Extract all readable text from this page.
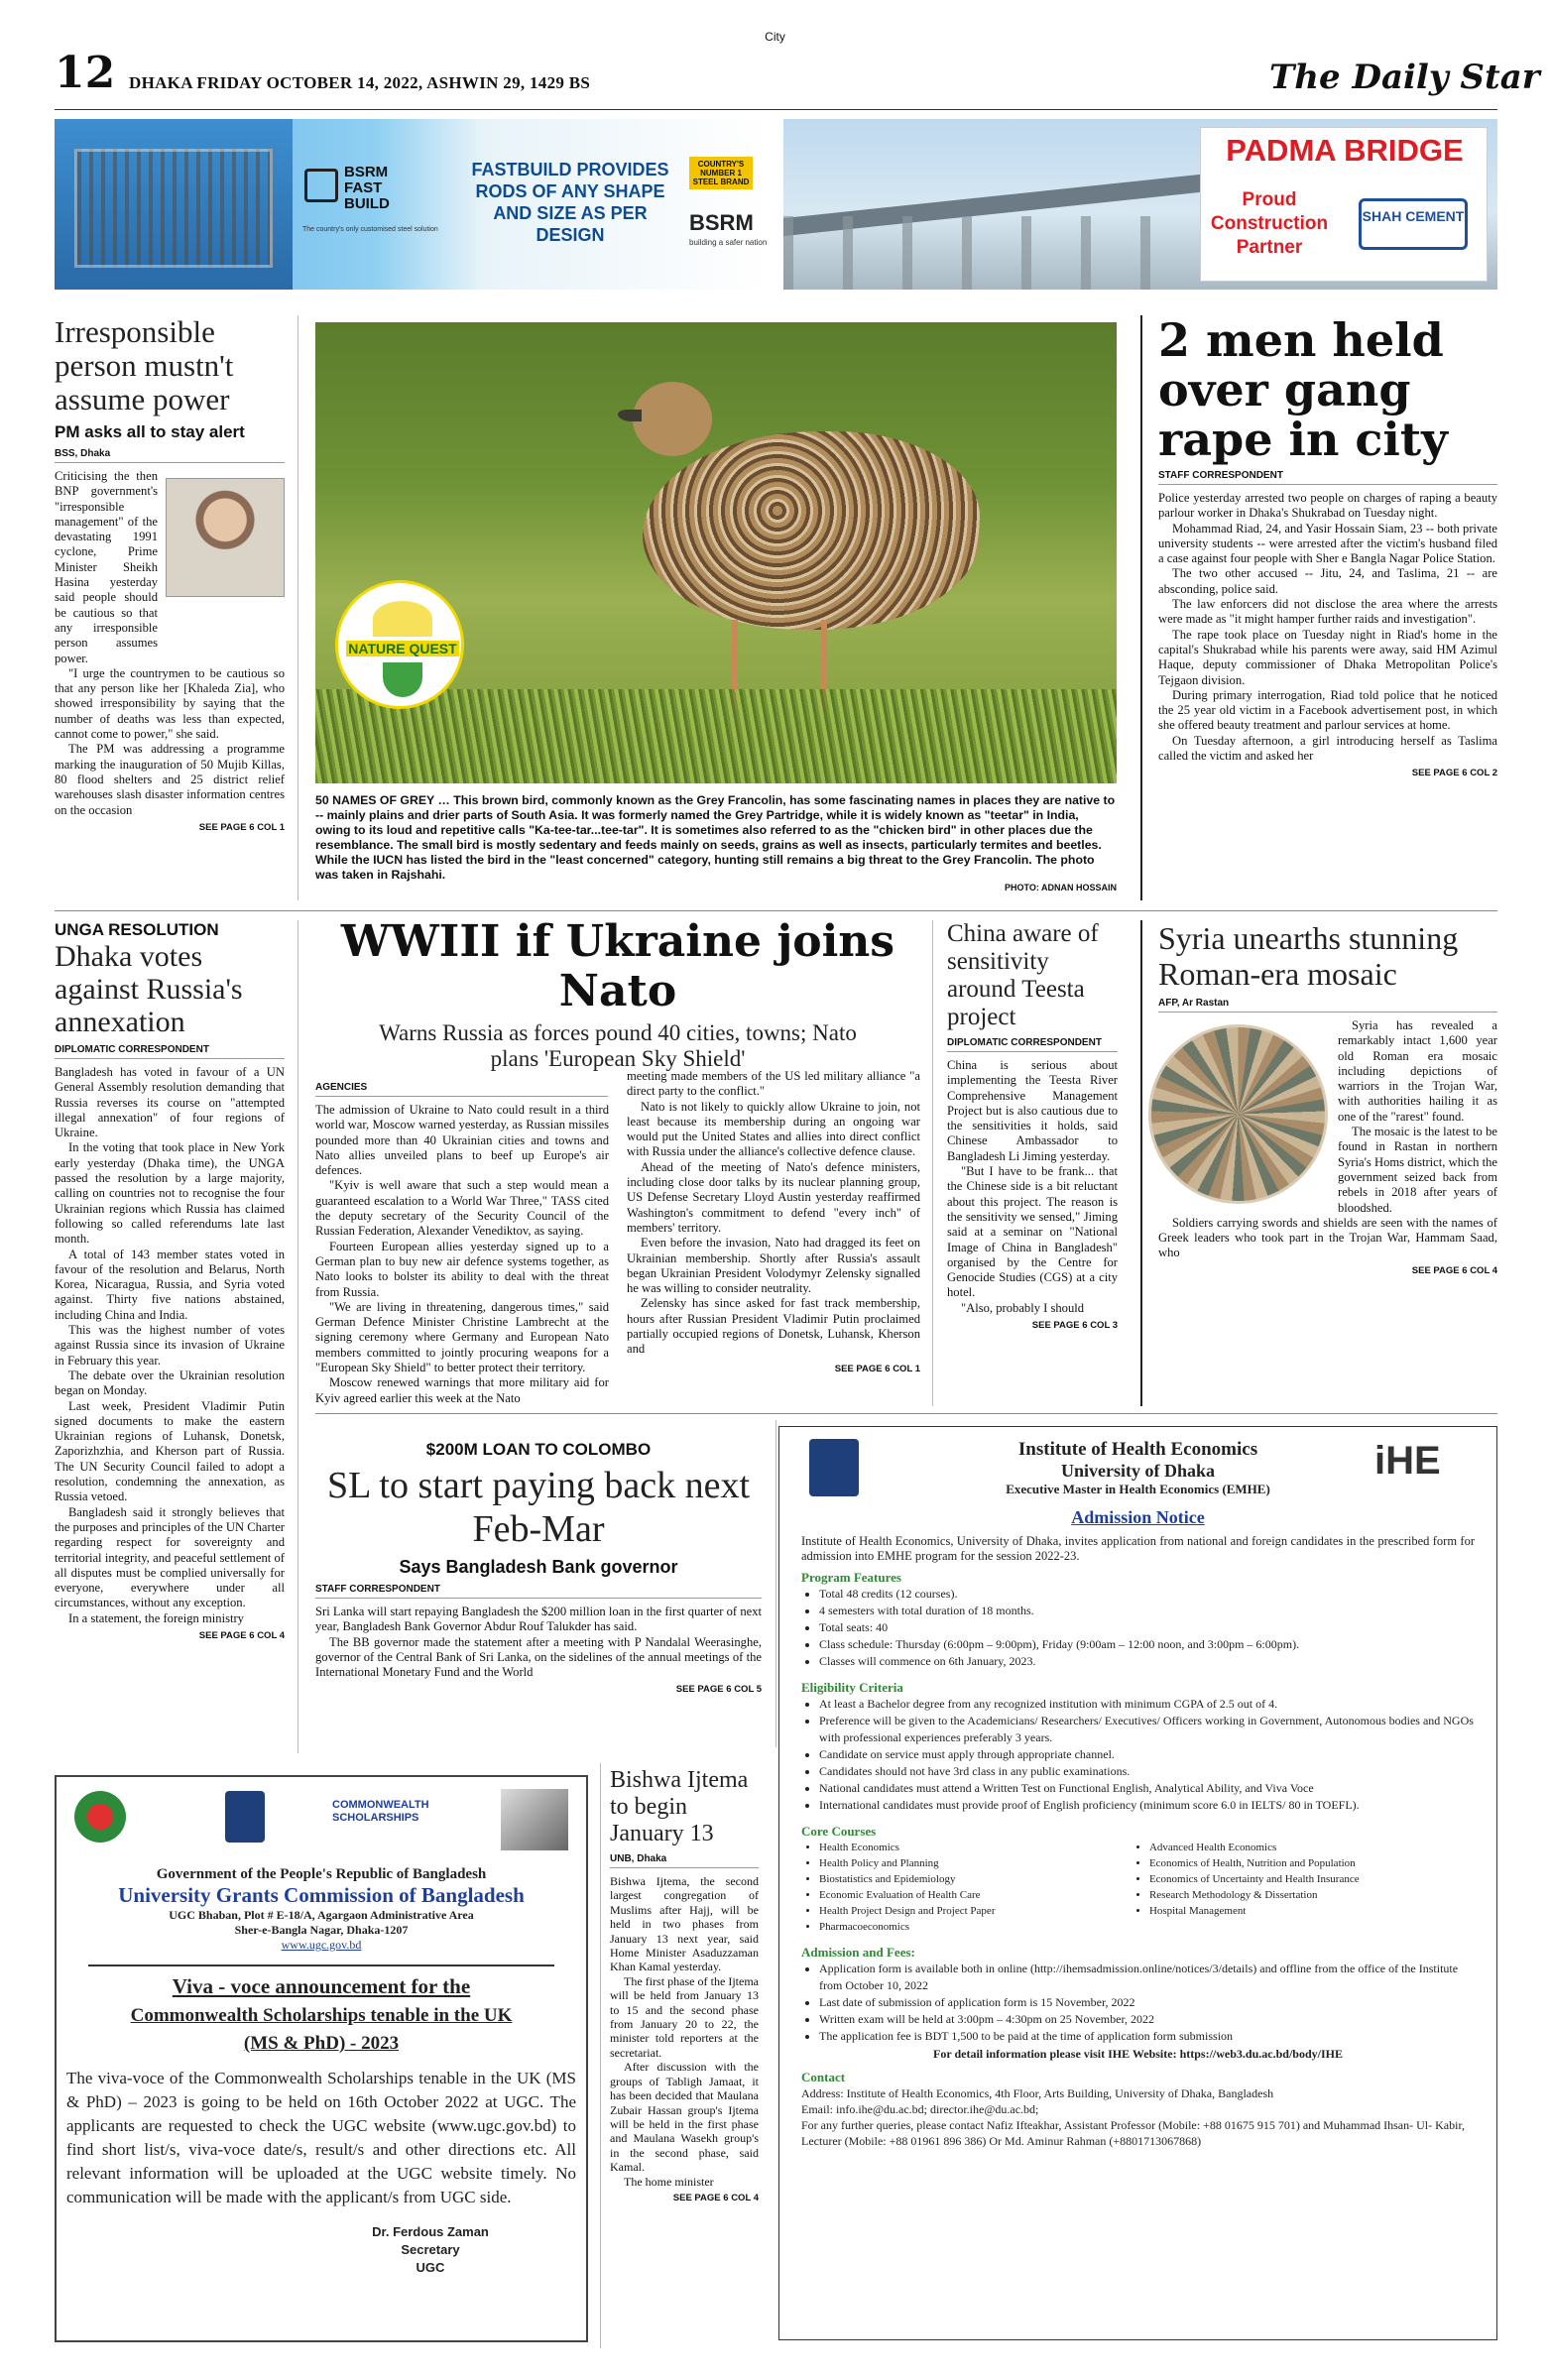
City
12 DHAKA FRIDAY OCTOBER 14, 2022, ASHWIN 29, 1429 BS	The Daily Star
BSRM FAST BUILD
The country's only customised steel solution
FASTBUILD PROVIDES RODS OF ANY SHAPE AND SIZE AS PER DESIGN
COUNTRY'S NUMBER 1 STEEL BRAND
BSRM
building a safer nation
PADMA BRIDGE
Proud Construction Partner
SHAH CEMENT
Irresponsible person mustn't assume power
PM asks all to stay alert
BSS, Dhaka

Criticising the then BNP government's "irresponsible management" of the devastating 1991 cyclone, Prime Minister Sheikh Hasina yesterday said people should be cautious so that any irresponsible person assumes power.

"I urge the countrymen to be cautious so that any person like her [Khaleda Zia], who showed irresponsibility by saying that the number of deaths was less than expected, cannot come to power," she said.

The PM was addressing a programme marking the inauguration of 50 Mujib Killas, 80 flood shelters and 25 district relief warehouses slash disaster information centres on the occasion

SEE PAGE 6 COL 1
NATURE QUEST
50 NAMES OF GREY … This brown bird, commonly known as the Grey Francolin, has some fascinating names in places they are native to -- mainly plains and drier parts of South Asia. It was formerly named the Grey Partridge, while it is widely known as "teetar" in India, owing to its loud and repetitive calls "Ka-tee-tar...tee-tar". It is sometimes also referred to as the "chicken bird" in other places due the resemblance. The small bird is mostly sedentary and feeds mainly on seeds, grains as well as insects, particularly termites and beetles. While the IUCN has listed the bird in the "least concerned" category, hunting still remains a big threat to the Grey Francolin. The photo was taken in Rajshahi.
PHOTO: ADNAN HOSSAIN
2 men held over gang rape in city
STAFF CORRESPONDENT

Police yesterday arrested two people on charges of raping a beauty parlour worker in Dhaka's Shukrabad on Tuesday night.

Mohammad Riad, 24, and Yasir Hossain Siam, 23 -- both private university students -- were arrested after the victim's husband filed a case against four people with Sher e Bangla Nagar Police Station.

The two other accused -- Jitu, 24, and Taslima, 21 -- are absconding, police said.

The law enforcers did not disclose the area where the arrests were made as "it might hamper further raids and investigation".

The rape took place on Tuesday night in Riad's home in the capital's Shukrabad while his parents were away, said HM Azimul Haque, deputy commissioner of Dhaka Metropolitan Police's Tejgaon division.

During primary interrogation, Riad told police that he noticed the 25 year old victim in a Facebook advertisement post, in which she offered beauty treatment and parlour services at home.

On Tuesday afternoon, a girl introducing herself as Taslima called the victim and asked her

SEE PAGE 6 COL 2
UNGA RESOLUTION
Dhaka votes against Russia's annexation
DIPLOMATIC CORRESPONDENT

Bangladesh has voted in favour of a UN General Assembly resolution demanding that Russia reverses its course on "attempted illegal annexation" of four regions of Ukraine.

In the voting that took place in New York early yesterday (Dhaka time), the UNGA passed the resolution by a large majority, calling on countries not to recognise the four Ukrainian regions which Russia has claimed following so called referendums late last month.

A total of 143 member states voted in favour of the resolution and Belarus, North Korea, Nicaragua, Russia, and Syria voted against. Thirty five nations abstained, including China and India.

This was the highest number of votes against Russia since its invasion of Ukraine in February this year.

The debate over the Ukrainian resolution began on Monday.

Last week, President Vladimir Putin signed documents to make the eastern Ukrainian regions of Luhansk, Donetsk, Zaporizhzhia, and Kherson part of Russia. The UN Security Council failed to adopt a resolution, condemning the annexation, as Russia vetoed.

Bangladesh said it strongly believes that the purposes and principles of the UN Charter regarding respect for sovereignty and territorial integrity, and peaceful settlement of all disputes must be complied universally for everyone, everywhere under all circumstances, without any exception.

In a statement, the foreign ministry

SEE PAGE 6 COL 4
WWIII if Ukraine joins Nato
Warns Russia as forces pound 40 cities, towns; Nato plans 'European Sky Shield'
AGENCIES

The admission of Ukraine to Nato could result in a third world war, Moscow warned yesterday, as Russian missiles pounded more than 40 Ukrainian cities and towns and Nato allies unveiled plans to beef up Europe's air defences.

"Kyiv is well aware that such a step would mean a guaranteed escalation to a World War Three," TASS cited the deputy secretary of the Security Council of the Russian Federation, Alexander Venediktov, as saying.

Fourteen European allies yesterday signed up to a German plan to buy new air defence systems together, as Nato looks to bolster its ability to deal with the threat from Russia.

"We are living in threatening, dangerous times," said German Defence Minister Christine Lambrecht at the signing ceremony where Germany and European Nato members committed to jointly procuring weapons for a "European Sky Shield" to better protect their territory.

Moscow renewed warnings that more military aid for Kyiv agreed earlier this week at the Nato

meeting made members of the US led military alliance "a direct party to the conflict."

Nato is not likely to quickly allow Ukraine to join, not least because its membership during an ongoing war would put the United States and allies into direct conflict with Russia under the alliance's collective defence clause.

Ahead of the meeting of Nato's defence ministers, including close door talks by its nuclear planning group, US Defense Secretary Lloyd Austin yesterday reaffirmed Washington's commitment to defend "every inch" of members' territory.

Even before the invasion, Nato had dragged its feet on Ukrainian membership. Shortly after Russia's assault began Ukrainian President Volodymyr Zelensky signalled he was willing to consider neutrality.

Zelensky has since asked for fast track membership, hours after Russian President Vladimir Putin proclaimed partially occupied regions of Donetsk, Luhansk, Kherson and

SEE PAGE 6 COL 1
China aware of sensitivity around Teesta project
DIPLOMATIC CORRESPONDENT

China is serious about implementing the Teesta River Comprehensive Management Project but is also cautious due to the sensitivities it holds, said Chinese Ambassador to Bangladesh Li Jiming yesterday.

"But I have to be frank... that the Chinese side is a bit reluctant about this project. The reason is the sensitivity we sensed," Jiming said at a seminar on "National Image of China in Bangladesh" organised by the Centre for Genocide Studies (CGS) at a city hotel.

"Also, probably I should

SEE PAGE 6 COL 3
Syria unearths stunning Roman-era mosaic
AFP, Ar Rastan

Syria has revealed a remarkably intact 1,600 year old Roman era mosaic including depictions of warriors in the Trojan War, with authorities hailing it as one of the "rarest" found.

The mosaic is the latest to be found in Rastan in northern Syria's Homs district, which the government seized back from rebels in 2018 after years of bloodshed.

Soldiers carrying swords and shields are seen with the names of Greek leaders who took part in the Trojan War, Hammam Saad, who

SEE PAGE 6 COL 4
$200M LOAN TO COLOMBO
SL to start paying back next Feb-Mar
Says Bangladesh Bank governor
STAFF CORRESPONDENT

Sri Lanka will start repaying Bangladesh the $200 million loan in the first quarter of next year, Bangladesh Bank Governor Abdur Rouf Talukder has said.

The BB governor made the statement after a meeting with P Nandalal Weerasinghe, governor of the Central Bank of Sri Lanka, on the sidelines of the annual meetings of the International Monetary Fund and the World

SEE PAGE 6 COL 5
Institute of Health Economics
University of Dhaka
Executive Master in Health Economics (EMHE)
iHE
Admission Notice
Institute of Health Economics, University of Dhaka, invites application from national and foreign candidates in the prescribed form for admission into EMHE program for the session 2022-23.
Program Features
• Total 48 credits (12 courses).
• 4 semesters with total duration of 18 months.
• Total seats: 40
• Class schedule: Thursday (6:00pm – 9:00pm), Friday (9:00am – 12:00 noon, and 3:00pm – 6:00pm).
• Classes will commence on 6th January, 2023.
Eligibility Criteria
• At least a Bachelor degree from any recognized institution with minimum CGPA of 2.5 out of 4.
• Preference will be given to the Academicians/ Researchers/ Executives/ Officers working in Government, Autonomous bodies and NGOs with professional experiences preferably 3 years.
• Candidate on service must apply through appropriate channel.
• Candidates should not have 3rd class in any public examinations.
• National candidates must attend a Written Test on Functional English, Analytical Ability, and Viva Voce
• International candidates must provide proof of English proficiency (minimum score 6.0 in IELTS/ 80 in TOEFL).
Core Courses
• Health Economics
• Health Policy and Planning
• Biostatistics and Epidemiology
• Economic Evaluation of Health Care
• Health Project Design and Project Paper
• Pharmacoeconomics
• Advanced Health Economics
• Economics of Health, Nutrition and Population
• Economics of Uncertainty and Health Insurance
• Research Methodology & Dissertation
• Hospital Management
Admission and Fees:
• Application form is available both in online (http://ihemsadmission.online/notices/3/details) and offline from the office of the Institute from October 10, 2022
• Last date of submission of application form is 15 November, 2022
• Written exam will be held at 3:00pm – 4:30pm on 25 November, 2022
• The application fee is BDT 1,500 to be paid at the time of application form submission
For detail information please visit IHE Website: https://web3.du.ac.bd/body/IHE
Contact
Address: Institute of Health Economics, 4th Floor, Arts Building, University of Dhaka, Bangladesh
Email: info.ihe@du.ac.bd; director.ihe@du.ac.bd;
For any further queries, please contact Nafiz Ifteakhar, Assistant Professor (Mobile: +88 01675 915 701) and Muhammad Ihsan- Ul- Kabir, Lecturer (Mobile: +88 01961 896 386) Or Md. Aminur Rahman (+8801713067868)
COMMONWEALTH SCHOLARSHIPS
Government of the People's Republic of Bangladesh
University Grants Commission of Bangladesh
UGC Bhaban, Plot # E-18/A, Agargaon Administrative Area
Sher-e-Bangla Nagar, Dhaka-1207
www.ugc.gov.bd
Viva - voce announcement for the
Commonwealth Scholarships tenable in the UK
(MS & PhD) - 2023
The viva-voce of the Commonwealth Scholarships tenable in the UK (MS & PhD) – 2023 is going to be held on 16th October 2022 at UGC. The applicants are requested to check the UGC website (www.ugc.gov.bd) to find short list/s, viva-voce date/s, result/s and other directions etc. All relevant information will be uploaded at the UGC website timely. No communication will be made with the applicant/s from UGC side.
Dr. Ferdous Zaman
Secretary
UGC
Bishwa Ijtema to begin January 13
UNB, Dhaka

Bishwa Ijtema, the second largest congregation of Muslims after Hajj, will be held in two phases from January 13 next year, said Home Minister Asaduzzaman Khan Kamal yesterday.

The first phase of the Ijtema will be held from January 13 to 15 and the second phase from January 20 to 22, the minister told reporters at the secretariat.

After discussion with the groups of Tabligh Jamaat, it has been decided that Maulana Zubair Hassan group's Ijtema will be held in the first phase and Maulana Wasekh group's in the second phase, said Kamal.

The home minister

SEE PAGE 6 COL 4
